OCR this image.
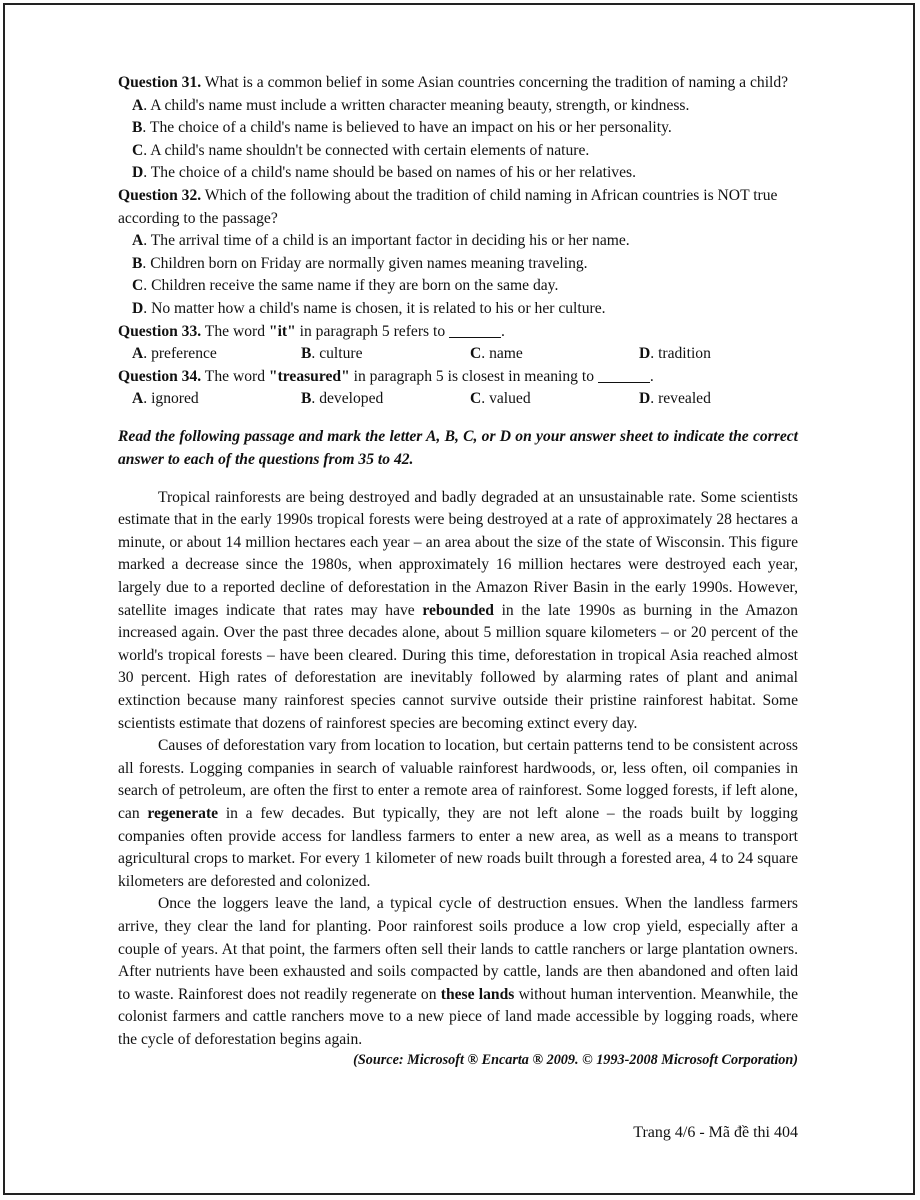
Question 31. What is a common belief in some Asian countries concerning the tradition of naming a child?

A. A child's name must include a written character meaning beauty, strength, or kindness.

B. The choice of a child's name is believed to have an impact on his or her personality.

C. A child's name shouldn't be connected with certain elements of nature.

D. The choice of a child's name should be based on names of his or her relatives.

Question 32. Which of the following about the tradition of child naming in African countries is NOT true according to the passage?

A. The arrival time of a child is an important factor in deciding his or her name.

B. Children born on Friday are normally given names meaning traveling.

C. Children receive the same name if they are born on the same day.

D. No matter how a child's name is chosen, it is related to his or her culture.

Question 33. The word "it" in paragraph 5 refers to	.

A. preference	B. culture	C. name	D. tradition

Question 34. The word "treasured" in paragraph 5 is closest in meaning to	.

A. ignored	B. developed	C. valued	D. revealed

Read the following passage and mark the letter A, B, C, or D on your answer sheet to indicate the correct answer to each of the questions from 35 to 42.

Tropical rainforests are being destroyed and badly degraded at an unsustainable rate. Some scientists estimate that in the early 1990s tropical forests were being destroyed at a rate of approximately 28 hectares a minute, or about 14 million hectares each year – an area about the size of the state of Wisconsin. This figure marked a decrease since the 1980s, when approximately 16 million hectares were destroyed each year, largely due to a reported decline of deforestation in the Amazon River Basin in the early 1990s. However, satellite images indicate that rates may have rebounded in the late 1990s as burning in the Amazon increased again. Over the past three decades alone, about 5 million square kilometers – or 20 percent of the world's tropical forests – have been cleared. During this time, deforestation in tropical Asia reached almost 30 percent. High rates of deforestation are inevitably followed by alarming rates of plant and animal extinction because many rainforest species cannot survive outside their pristine rainforest habitat. Some scientists estimate that dozens of rainforest species are becoming extinct every day.

Causes of deforestation vary from location to location, but certain patterns tend to be consistent across all forests. Logging companies in search of valuable rainforest hardwoods, or, less often, oil companies in search of petroleum, are often the first to enter a remote area of rainforest. Some logged forests, if left alone, can regenerate in a few decades. But typically, they are not left alone – the roads built by logging companies often provide access for landless farmers to enter a new area, as well as a means to transport agricultural crops to market. For every 1 kilometer of new roads built through a forested area, 4 to 24 square kilometers are deforested and colonized.

Once the loggers leave the land, a typical cycle of destruction ensues. When the landless farmers arrive, they clear the land for planting. Poor rainforest soils produce a low crop yield, especially after a couple of years. At that point, the farmers often sell their lands to cattle ranchers or large plantation owners. After nutrients have been exhausted and soils compacted by cattle, lands are then abandoned and often laid to waste. Rainforest does not readily regenerate on these lands without human intervention. Meanwhile, the colonist farmers and cattle ranchers move to a new piece of land made accessible by logging roads, where the cycle of deforestation begins again.

(Source: Microsoft ® Encarta ® 2009. © 1993-2008 Microsoft Corporation)

Trang 4/6 - Mã đề thi 404
